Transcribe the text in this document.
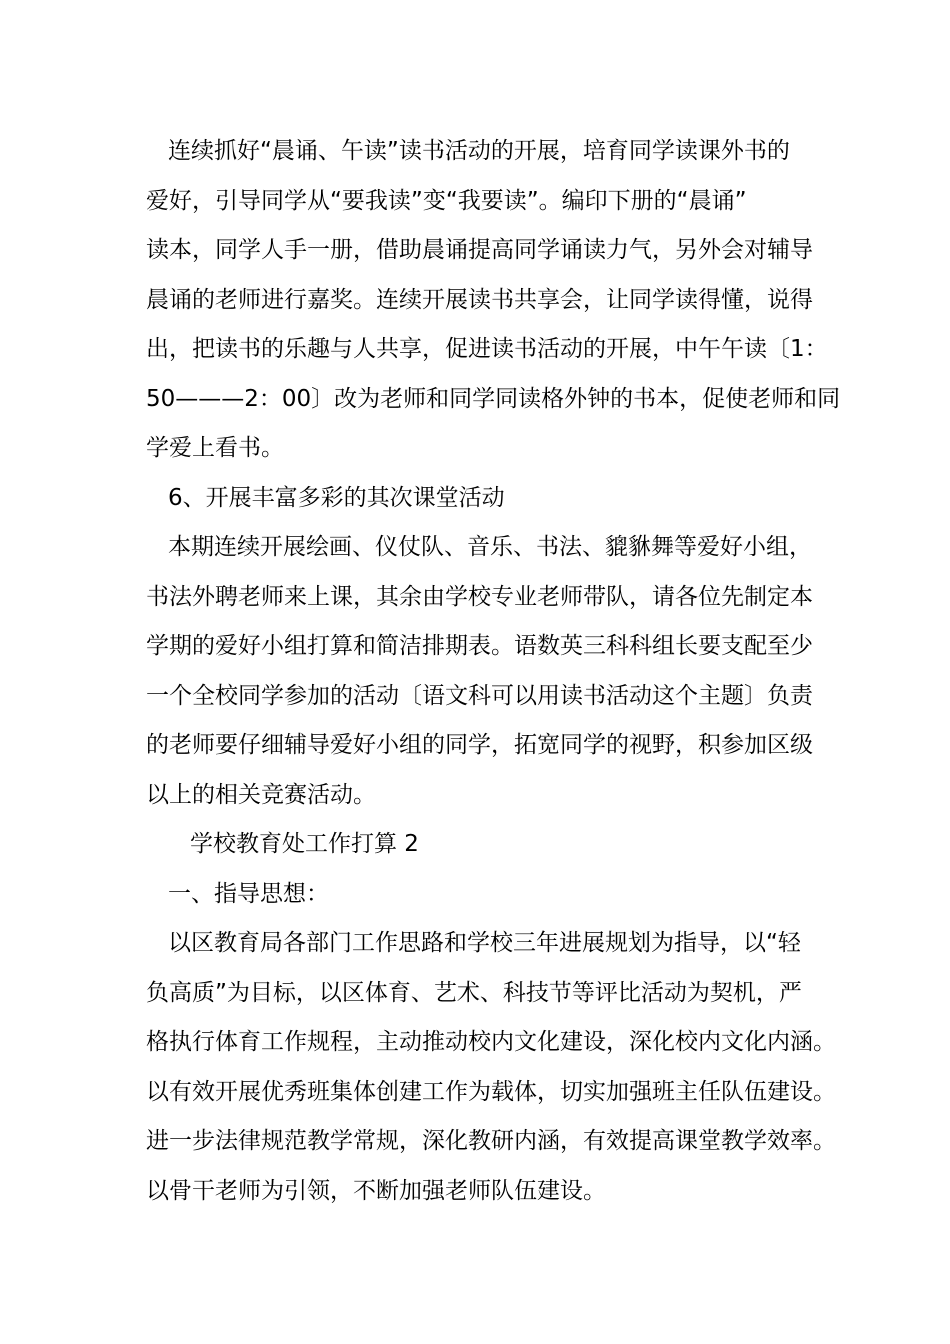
连续抓好“晨诵、午读”读书活动的开展，培育同学读课外书的
爱好，引导同学从“要我读”变“我要读”。编印下册的“晨诵”
读本，同学人手一册，借助晨诵提高同学诵读力气，另外会对辅导
晨诵的老师进行嘉奖。连续开展读书共享会，让同学读得懂，说得
出，把读书的乐趣与人共享，促进读书活动的开展，中午午读〔1：
50———2：00〕改为老师和同学同读格外钟的书本，促使老师和同
学爱上看书。
6、开展丰富多彩的其次课堂活动
本期连续开展绘画、仪仗队、音乐、书法、貔貅舞等爱好小组，
书法外聘老师来上课，其余由学校专业老师带队，请各位先制定本
学期的爱好小组打算和简洁排期表。语数英三科科组长要支配至少
一个全校同学参加的活动〔语文科可以用读书活动这个主题〕负责
的老师要仔细辅导爱好小组的同学，拓宽同学的视野，积参加区级
以上的相关竞赛活动。
学校教育处工作打算 2
一、指导思想：
以区教育局各部门工作思路和学校三年进展规划为指导，以“轻
负高质”为目标，以区体育、艺术、科技节等评比活动为契机，严
格执行体育工作规程，主动推动校内文化建设，深化校内文化内涵。
以有效开展优秀班集体创建工作为载体，切实加强班主任队伍建设。
进一步法律规范教学常规，深化教研内涵，有效提高课堂教学效率。
以骨干老师为引领，不断加强老师队伍建设。
